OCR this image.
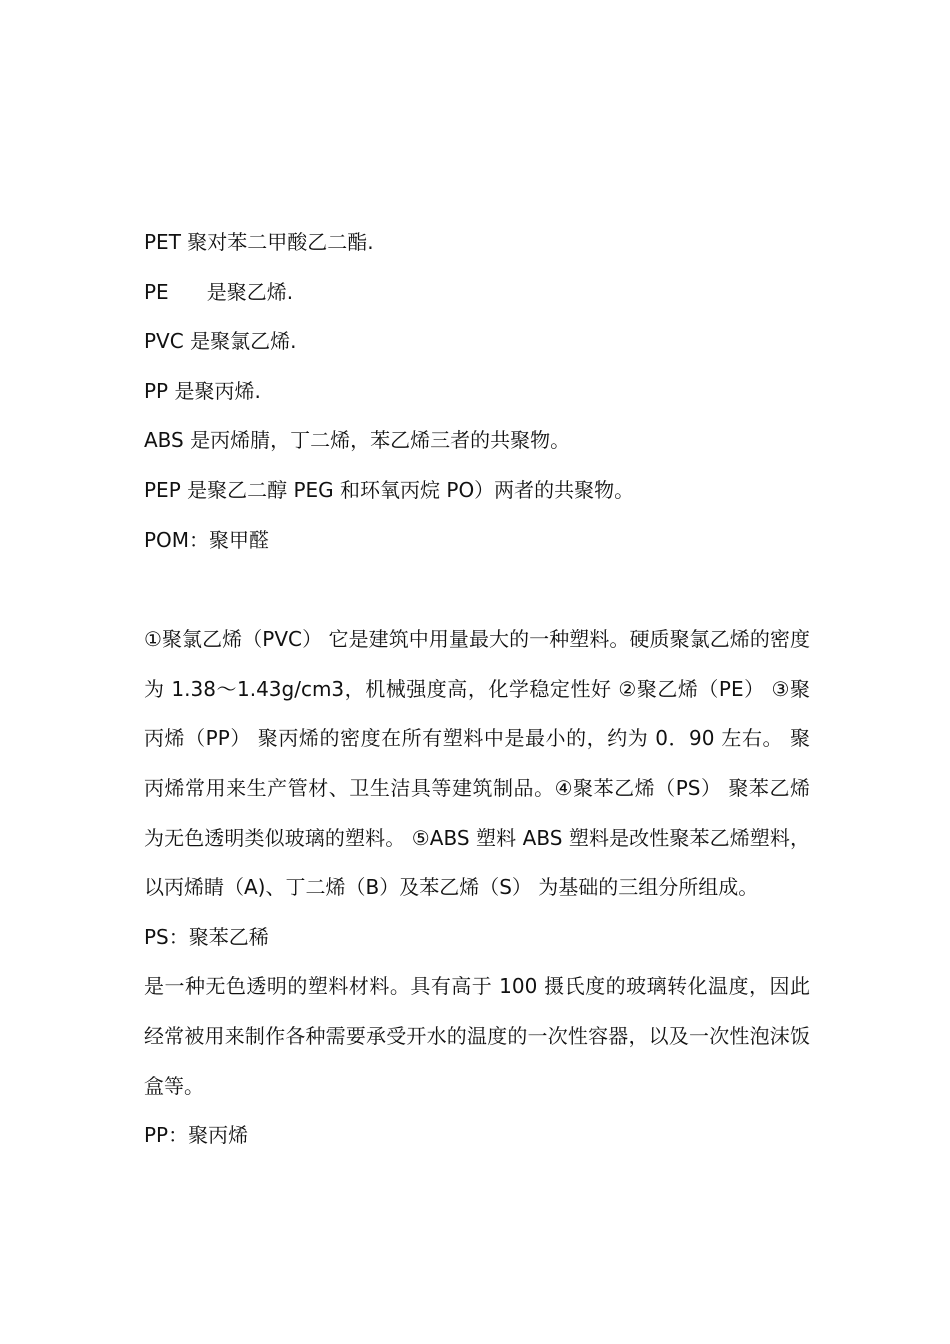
PET 聚对苯二甲酸乙二酯.

PE 是聚乙烯.

PVC 是聚氯乙烯.

PP 是聚丙烯.

ABS 是丙烯腈，丁二烯，苯乙烯三者的共聚物。

PEP 是聚乙二醇 PEG 和环氧丙烷 PO）两者的共聚物。

POM：聚甲醛

①聚氯乙烯（PVC） 它是建筑中用量最大的一种塑料。硬质聚氯乙烯的密度为 1.38～1.43g/cm3，机械强度高，化学稳定性好 ②聚乙烯（PE） ③聚丙烯（PP） 聚丙烯的密度在所有塑料中是最小的，约为 0．90 左右。 聚丙烯常用来生产管材、卫生洁具等建筑制品。④聚苯乙烯（PS） 聚苯乙烯为无色透明类似玻璃的塑料。 ⑤ABS 塑料 ABS 塑料是改性聚苯乙烯塑料，以丙烯睛（A)、丁二烯（B）及苯乙烯（S） 为基础的三组分所组成。

PS：聚苯乙稀

是一种无色透明的塑料材料。具有高于 100 摄氏度的玻璃转化温度，因此经常被用来制作各种需要承受开水的温度的一次性容器，以及一次性泡沫饭盒等。

PP：聚丙烯
